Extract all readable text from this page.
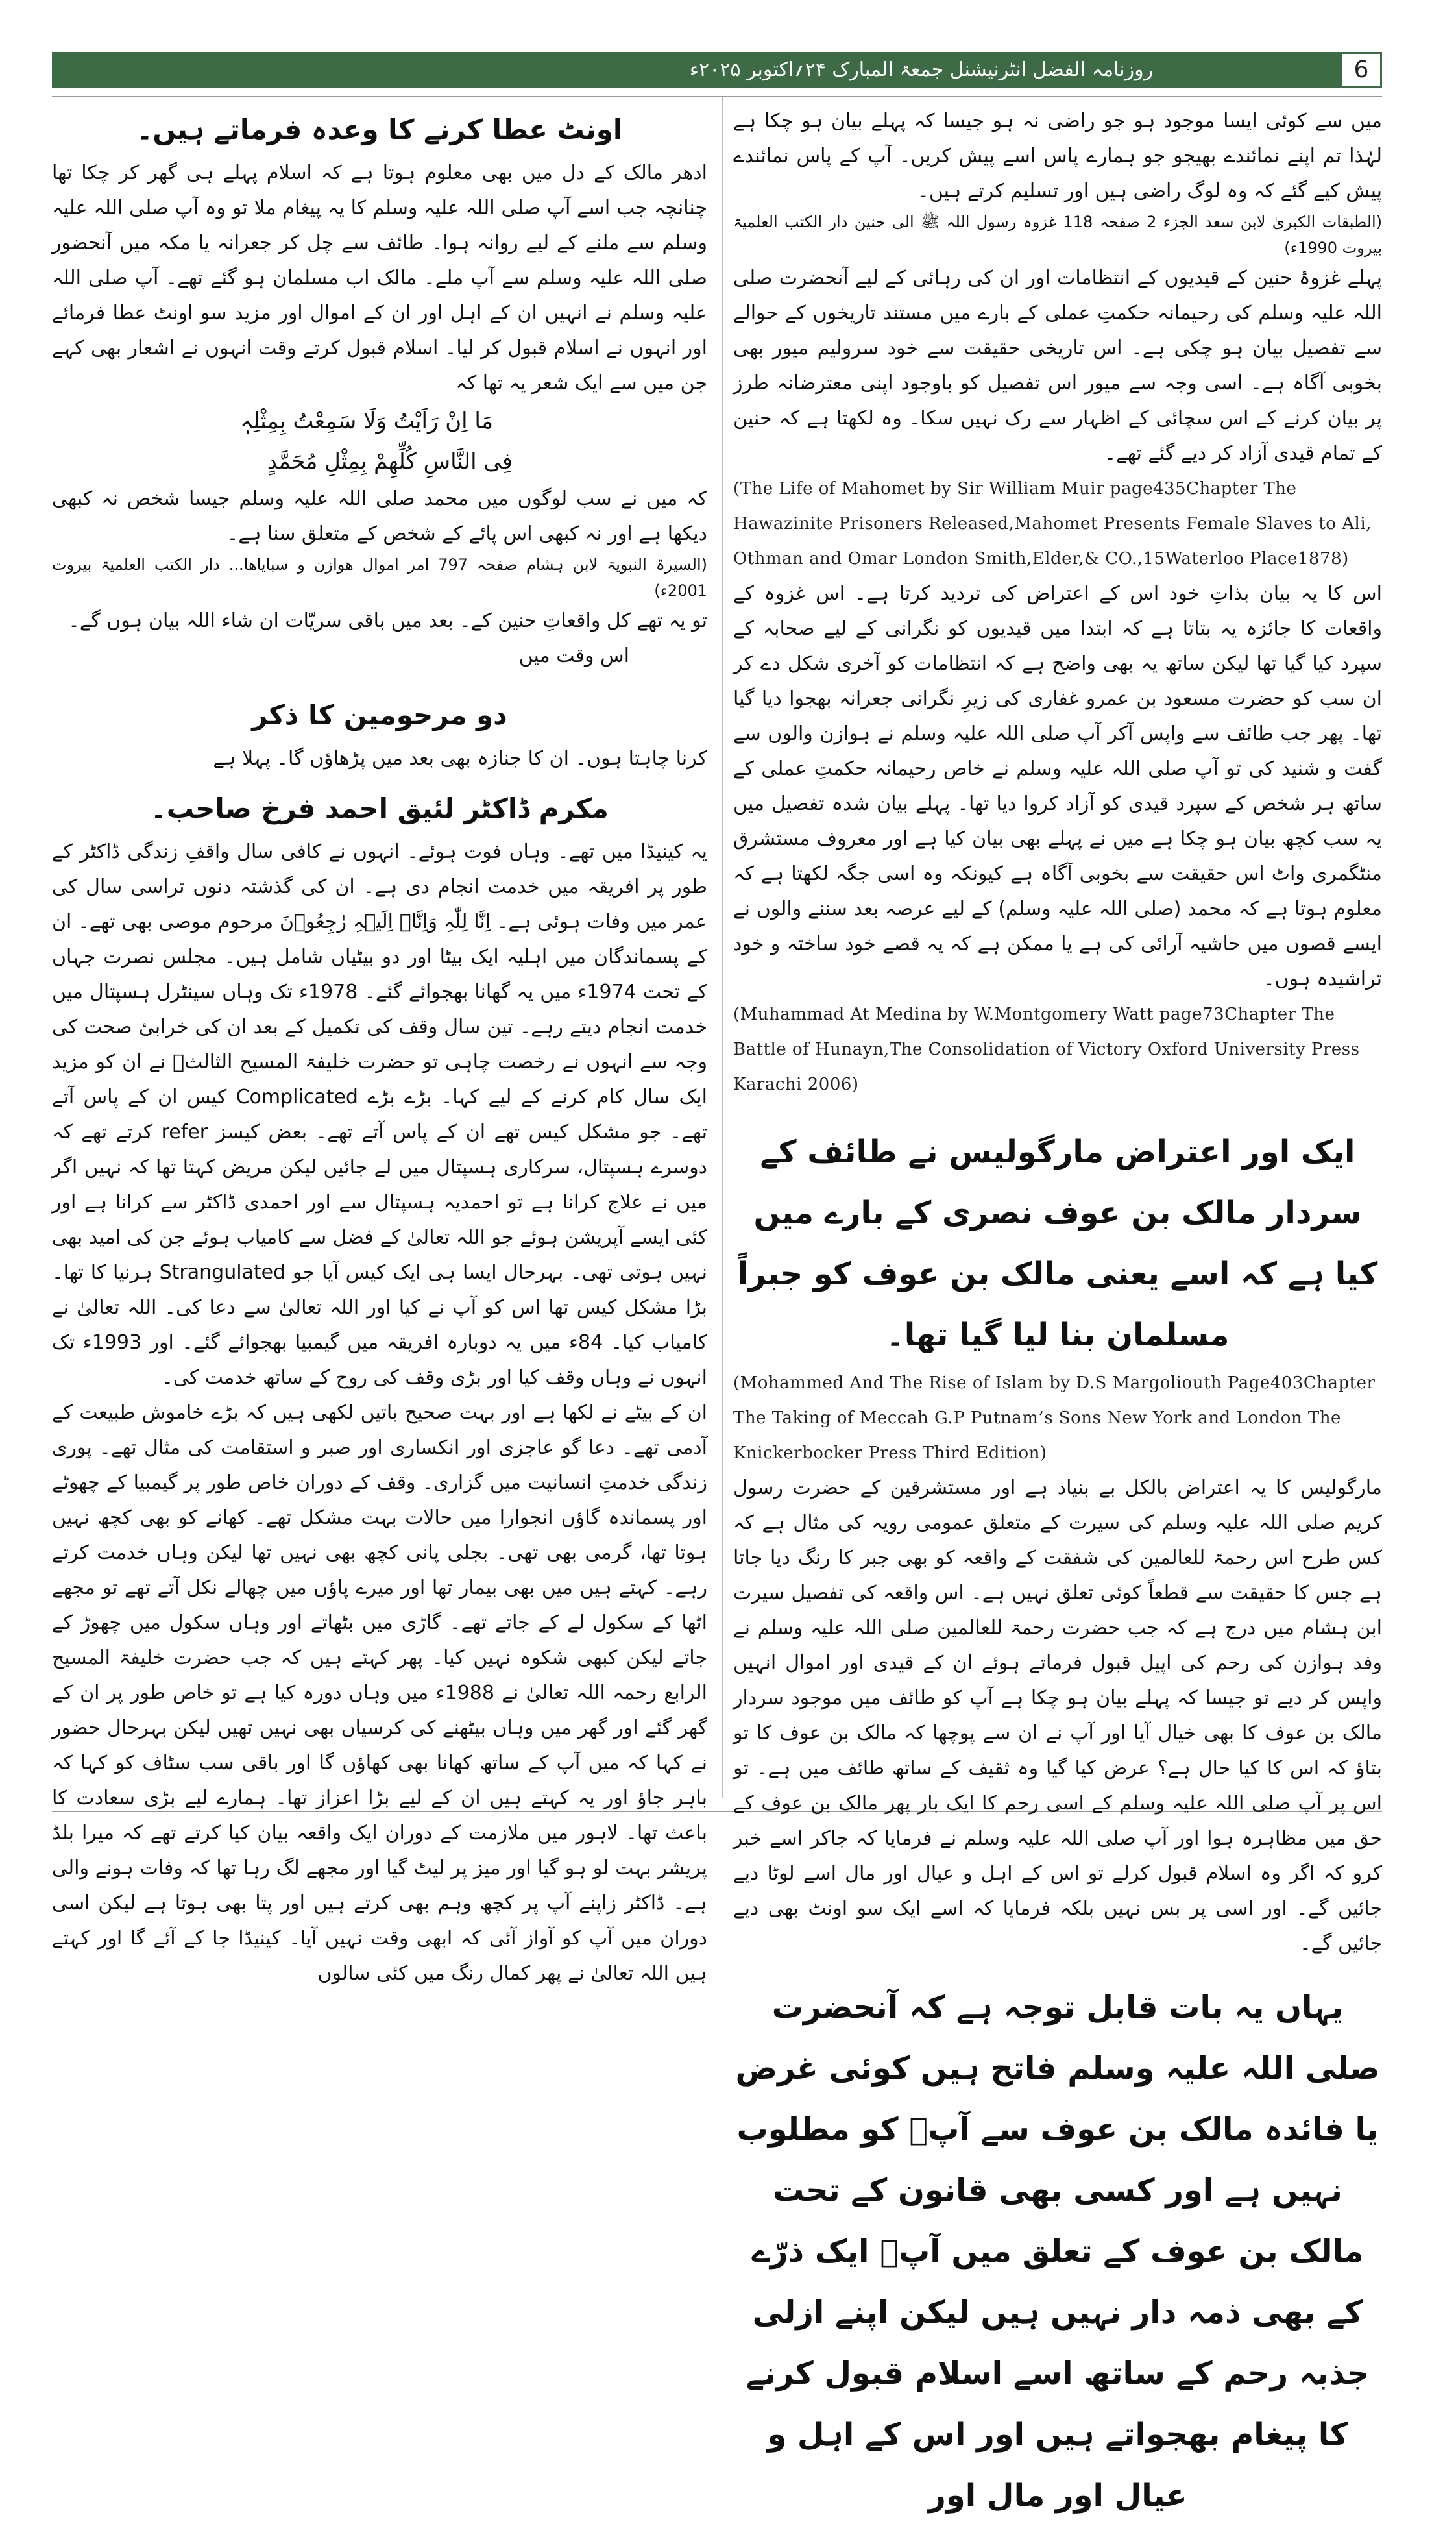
6
روزنامہ الفضل انٹرنیشنل جمعۃ المبارک ۲۴؍اکتوبر ۲۰۲۵ء

میں سے کوئی ایسا موجود ہو جو راضی نہ ہو جیسا کہ پہلے بیان ہو چکا ہے لہٰذا تم اپنے نمائندے بھیجو جو ہمارے پاس اسے پیش کریں۔ آپ کے پاس نمائندے پیش کیے گئے کہ وہ لوگ راضی ہیں اور تسلیم کرتے ہیں۔

(الطبقات الکبریٰ لابن سعد الجزء 2 صفحہ 118 غزوہ رسول اللہ ﷺ الی حنین دار الکتب العلمیۃ بیروت 1990ء)

پہلے غزوۂ حنین کے قیدیوں کے انتظامات اور ان کی رہائی کے لیے آنحضرت صلی اللہ علیہ وسلم کی رحیمانہ حکمتِ عملی کے بارے میں مستند تاریخوں کے حوالے سے تفصیل بیان ہو چکی ہے۔ اس تاریخی حقیقت سے خود سرولیم میور بھی بخوبی آگاہ ہے۔ اسی وجہ سے میور اس تفصیل کو باوجود اپنی معترضانہ طرز پر بیان کرنے کے اس سچائی کے اظہار سے رک نہیں سکا۔ وہ لکھتا ہے کہ حنین کے تمام قیدی آزاد کر دیے گئے تھے۔

(The Life of Mahomet by Sir William Muir page435Chapter The Hawazinite Prisoners Released,Mahomet Presents Female Slaves to Ali, Othman and Omar London Smith,Elder,& CO.,15Waterloo Place1878)

اس کا یہ بیان بذاتِ خود اس کے اعتراض کی تردید کرتا ہے۔ اس غزوہ کے واقعات کا جائزہ یہ بتاتا ہے کہ ابتدا میں قیدیوں کو نگرانی کے لیے صحابہ کے سپرد کیا گیا تھا لیکن ساتھ یہ بھی واضح ہے کہ انتظامات کو آخری شکل دے کر ان سب کو حضرت مسعود بن عمرو غفاری کی زیرِ نگرانی جعرانہ بھجوا دیا گیا تھا۔ پھر جب طائف سے واپس آکر آپ صلی اللہ علیہ وسلم نے ہوازن والوں سے گفت و شنید کی تو آپ صلی اللہ علیہ وسلم نے خاص رحیمانہ حکمتِ عملی کے ساتھ ہر شخص کے سپرد قیدی کو آزاد کروا دیا تھا۔ پہلے بیان شدہ تفصیل میں یہ سب کچھ بیان ہو چکا ہے میں نے پہلے بھی بیان کیا ہے اور معروف مستشرق منٹگمری واٹ اس حقیقت سے بخوبی آگاہ ہے کیونکہ وہ اسی جگہ لکھتا ہے کہ معلوم ہوتا ہے کہ محمد (صلی اللہ علیہ وسلم) کے لیے عرصہ بعد سننے والوں نے ایسے قصوں میں حاشیہ آرائی کی ہے یا ممکن ہے کہ یہ قصے خود ساختہ و خود تراشیدہ ہوں۔

(Muhammad At Medina by W.Montgomery Watt page73Chapter The Battle of Hunayn,The Consolidation of Victory Oxford University Press Karachi 2006)

ایک اور اعتراض مارگولیس نے طائف کے سردار مالک بن عوف نصری کے بارے میں کیا ہے کہ اسے یعنی مالک بن عوف کو جبراً مسلمان بنا لیا گیا تھا۔

(Mohammed And The Rise of Islam by D.S Margoliouth Page403Chapter The Taking of Meccah G.P Putnam’s Sons New York and London The Knickerbocker Press Third Edition)

مارگولیس کا یہ اعتراض بالکل بے بنیاد ہے اور مستشرقین کے حضرت رسول کریم صلی اللہ علیہ وسلم کی سیرت کے متعلق عمومی رویہ کی مثال ہے کہ کس طرح اس رحمۃ للعالمین کی شفقت کے واقعہ کو بھی جبر کا رنگ دیا جاتا ہے جس کا حقیقت سے قطعاً کوئی تعلق نہیں ہے۔ اس واقعہ کی تفصیل سیرت ابن ہشام میں درج ہے کہ جب حضرت رحمۃ للعالمین صلی اللہ علیہ وسلم نے وفد ہوازن کی رحم کی اپیل قبول فرماتے ہوئے ان کے قیدی اور اموال انہیں واپس کر دیے تو جیسا کہ پہلے بیان ہو چکا ہے آپ کو طائف میں موجود سردار مالک بن عوف کا بھی خیال آیا اور آپ نے ان سے پوچھا کہ مالک بن عوف کا تو بتاؤ کہ اس کا کیا حال ہے؟ عرض کیا گیا وہ ثقیف کے ساتھ طائف میں ہے۔ تو اس پر آپ صلی اللہ علیہ وسلم کے اسی رحم کا ایک بار پھر مالک بن عوف کے حق میں مظاہرہ ہوا اور آپ صلی اللہ علیہ وسلم نے فرمایا کہ جاکر اسے خبر کرو کہ اگر وہ اسلام قبول کرلے تو اس کے اہل و عیال اور مال اسے لوٹا دیے جائیں گے۔ اور اسی پر بس نہیں بلکہ فرمایا کہ اسے ایک سو اونٹ بھی دیے جائیں گے۔

یہاں یہ بات قابل توجہ ہے کہ آنحضرت صلی اللہ علیہ وسلم فاتح ہیں کوئی غرض یا فائدہ مالک بن عوف سے آپؐ کو مطلوب نہیں ہے اور کسی بھی قانون کے تحت مالک بن عوف کے تعلق میں آپؐ ایک ذرّے کے بھی ذمہ دار نہیں ہیں لیکن اپنے ازلی جذبہ رحم کے ساتھ اسے اسلام قبول کرنے کا پیغام بھجواتے ہیں اور اس کے اہل و عیال اور مال اور

اونٹ عطا کرنے کا وعدہ فرماتے ہیں۔

ادھر مالک کے دل میں بھی معلوم ہوتا ہے کہ اسلام پہلے ہی گھر کر چکا تھا چنانچہ جب اسے آپ صلی اللہ علیہ وسلم کا یہ پیغام ملا تو وہ آپ صلی اللہ علیہ وسلم سے ملنے کے لیے روانہ ہوا۔ طائف سے چل کر جعرانہ یا مکہ میں آنحضور صلی اللہ علیہ وسلم سے آپ ملے۔ مالک اب مسلمان ہو گئے تھے۔ آپ صلی اللہ علیہ وسلم نے انہیں ان کے اہل اور ان کے اموال اور مزید سو اونٹ عطا فرمائے اور انہوں نے اسلام قبول کر لیا۔ اسلام قبول کرتے وقت انہوں نے اشعار بھی کہے جن میں سے ایک شعر یہ تھا کہ

مَا اِنْ رَاَیْتُ وَلَا سَمِعْتُ بِمِثْلِہٖ

فِی النَّاسِ کُلِّھِمْ بِمِثْلِ مُحَمَّدٍ

کہ میں نے سب لوگوں میں محمد صلی اللہ علیہ وسلم جیسا شخص نہ کبھی دیکھا ہے اور نہ کبھی اس پائے کے شخص کے متعلق سنا ہے۔

(السیرۃ النبویۃ لابن ہشام صفحہ 797 امر اموال ھوازن و سبایاھا... دار الکتب العلمیۃ بیروت 2001ء)

تو یہ تھے کل واقعاتِ حنین کے۔ بعد میں باقی سریّات ان شاء اللہ بیان ہوں گے۔

اس وقت میں

دو مرحومین کا ذکر

کرنا چاہتا ہوں۔ ان کا جنازہ بھی بعد میں پڑھاؤں گا۔ پہلا ہے

مکرم ڈاکٹر لئیق احمد فرخ صاحب۔

یہ کینیڈا میں تھے۔ وہاں فوت ہوئے۔ انہوں نے کافی سال واقفِ زندگی ڈاکٹر کے طور پر افریقہ میں خدمت انجام دی ہے۔ ان کی گذشتہ دنوں تراسی سال کی عمر میں وفات ہوئی ہے۔ اِنَّا لِلّٰہِ وَاِنَّاۤ اِلَیۡہِ رٰجِعُوۡنَ مرحوم موصی بھی تھے۔ ان کے پسماندگان میں اہلیہ ایک بیٹا اور دو بیٹیاں شامل ہیں۔ مجلس نصرت جہاں کے تحت 1974ء میں یہ گھانا بھجوائے گئے۔ 1978ء تک وہاں سینٹرل ہسپتال میں خدمت انجام دیتے رہے۔ تین سال وقف کی تکمیل کے بعد ان کی خرابیٔ صحت کی وجہ سے انہوں نے رخصت چاہی تو حضرت خلیفۃ المسیح الثالثؒ نے ان کو مزید ایک سال کام کرنے کے لیے کہا۔ بڑے بڑے Complicated کیس ان کے پاس آتے تھے۔ جو مشکل کیس تھے ان کے پاس آتے تھے۔ بعض کیسز refer کرتے تھے کہ دوسرے ہسپتال، سرکاری ہسپتال میں لے جائیں لیکن مریض کہتا تھا کہ نہیں اگر میں نے علاج کرانا ہے تو احمدیہ ہسپتال سے اور احمدی ڈاکٹر سے کرانا ہے اور کئی ایسے آپریشن ہوئے جو اللہ تعالیٰ کے فضل سے کامیاب ہوئے جن کی امید بھی نہیں ہوتی تھی۔ بہرحال ایسا ہی ایک کیس آیا جو Strangulated ہرنیا کا تھا۔ بڑا مشکل کیس تھا اس کو آپ نے کیا اور اللہ تعالیٰ سے دعا کی۔ اللہ تعالیٰ نے کامیاب کیا۔ 84ء میں یہ دوبارہ افریقہ میں گیمبیا بھجوائے گئے۔ اور 1993ء تک انہوں نے وہاں وقف کیا اور بڑی وقف کی روح کے ساتھ خدمت کی۔

ان کے بیٹے نے لکھا ہے اور بہت صحیح باتیں لکھی ہیں کہ بڑے خاموش طبیعت کے آدمی تھے۔ دعا گو عاجزی اور انکساری اور صبر و استقامت کی مثال تھے۔ پوری زندگی خدمتِ انسانیت میں گزاری۔ وقف کے دوران خاص طور پر گیمبیا کے چھوٹے اور پسماندہ گاؤں انجوارا میں حالات بہت مشکل تھے۔ کھانے کو بھی کچھ نہیں ہوتا تھا، گرمی بھی تھی۔ بجلی پانی کچھ بھی نہیں تھا لیکن وہاں خدمت کرتے رہے۔ کہتے ہیں میں بھی بیمار تھا اور میرے پاؤں میں چھالے نکل آتے تھے تو مجھے اٹھا کے سکول لے کے جاتے تھے۔ گاڑی میں بٹھاتے اور وہاں سکول میں چھوڑ کے جاتے لیکن کبھی شکوہ نہیں کیا۔ پھر کہتے ہیں کہ جب حضرت خلیفۃ المسیح الرابع رحمہ اللہ تعالیٰ نے 1988ء میں وہاں دورہ کیا ہے تو خاص طور پر ان کے گھر گئے اور گھر میں وہاں بیٹھنے کی کرسیاں بھی نہیں تھیں لیکن بہرحال حضور نے کہا کہ میں آپ کے ساتھ کھانا بھی کھاؤں گا اور باقی سب سٹاف کو کہا کہ باہر جاؤ اور یہ کہتے ہیں ان کے لیے بڑا اعزاز تھا۔ ہمارے لیے بڑی سعادت کا باعث تھا۔ لاہور میں ملازمت کے دوران ایک واقعہ بیان کیا کرتے تھے کہ میرا بلڈ پریشر بہت لو ہو گیا اور میز پر لیٹ گیا اور مجھے لگ رہا تھا کہ وفات ہونے والی ہے۔ ڈاکٹر زاپنے آپ پر کچھ وہم بھی کرتے ہیں اور پتا بھی ہوتا ہے لیکن اسی دوران میں آپ کو آواز آئی کہ ابھی وقت نہیں آیا۔ کینیڈا جا کے آئے گا اور کہتے ہیں اللہ تعالیٰ نے پھر کمال رنگ میں کئی سالوں
